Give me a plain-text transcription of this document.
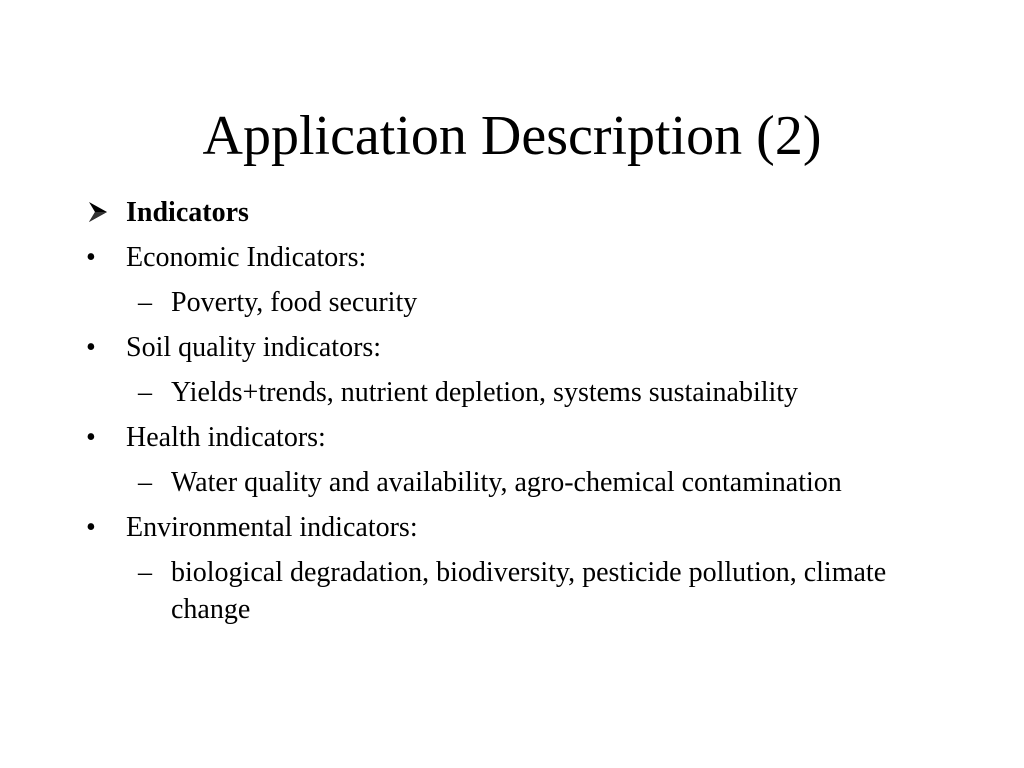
Application Description (2)
Indicators
• Economic Indicators:
– Poverty, food security
• Soil quality indicators:
– Yields+trends, nutrient depletion, systems sustainability
• Health indicators:
– Water quality and availability, agro-chemical contamination
• Environmental indicators:
– biological degradation, biodiversity, pesticide pollution, climate change
